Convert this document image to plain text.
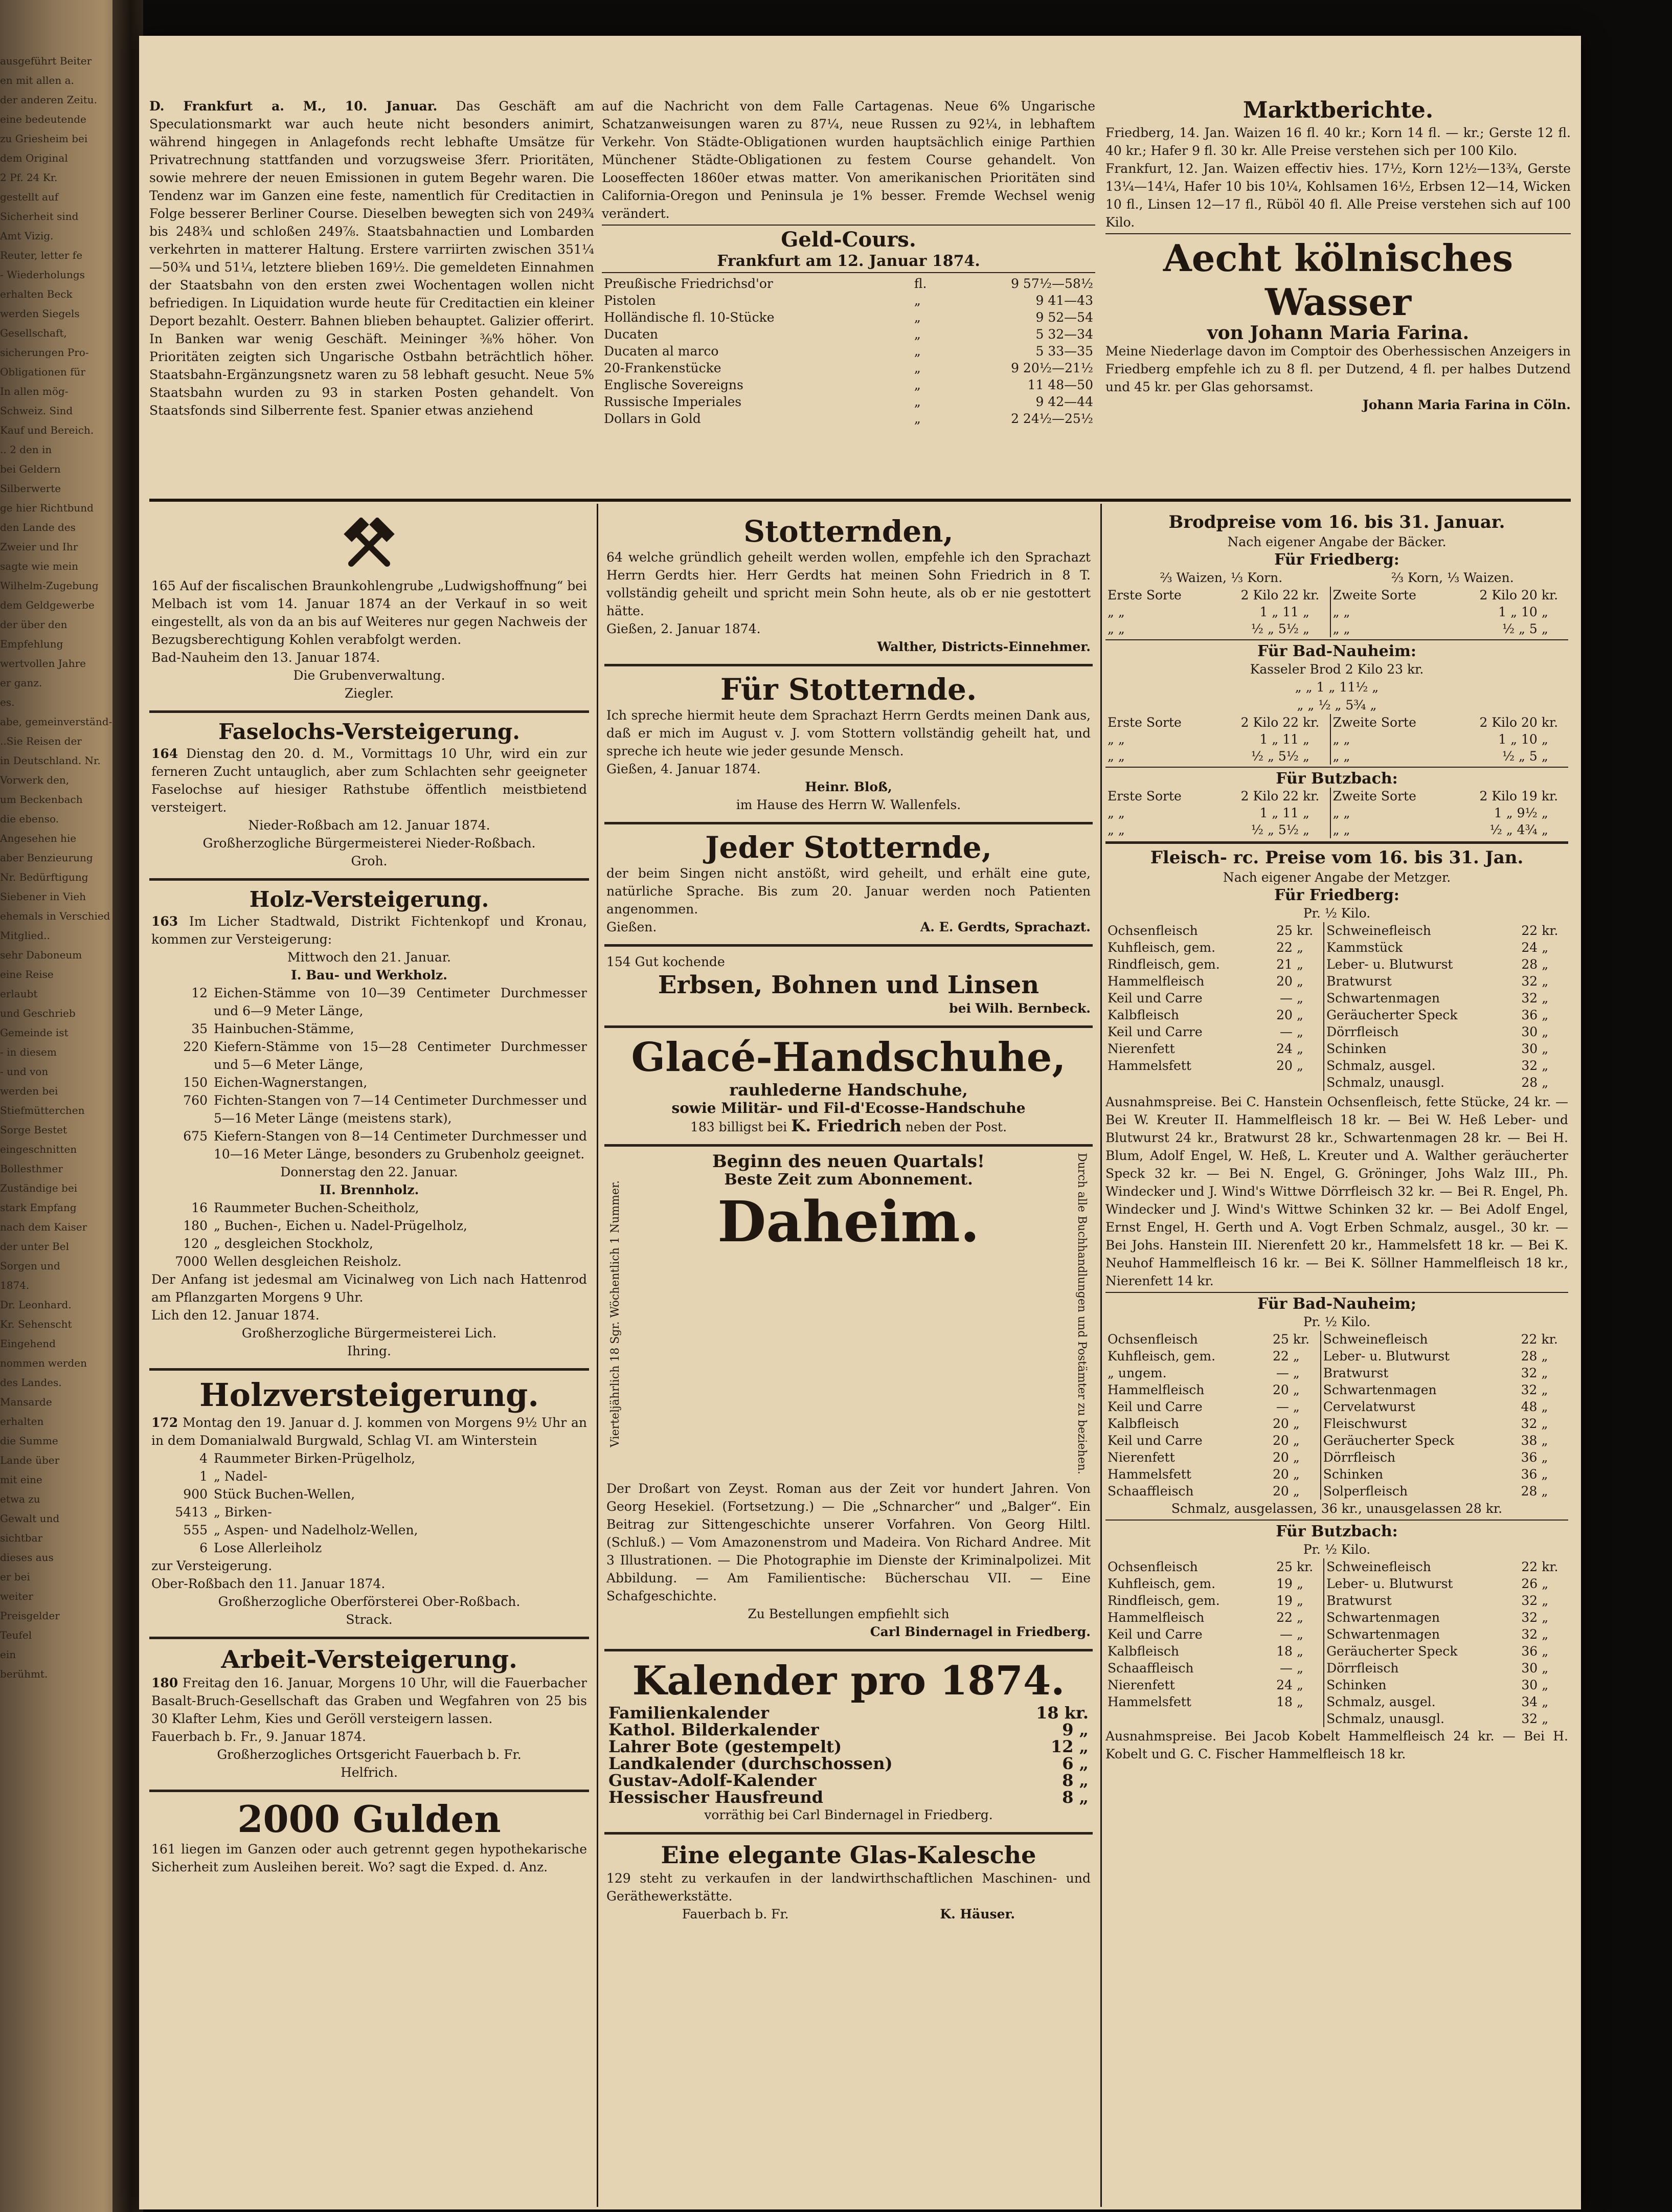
ausgeführt Beiter
en mit allen a.
der anderen Zeitu.
eine bedeutende
zu Griesheim bei
dem Original
2 Pf. 24 Kr.
gestellt auf
Sicherheit sind
Amt Vizig.
Reuter, letter fe
- Wiederholungs
erhalten Beck
werden Siegels
Gesellschaft,
sicherungen Pro-
Obligationen für
In allen mög-
Schweiz. Sind
Kauf und Bereich.
.. 2 den in
bei Geldern
Silberwerte
ge hier Richtbund
den Lande des
Zweier und Ihr
sagte wie mein
Wilhelm-Zugebung
dem Geldgewerbe
der über den
Empfehlung
wertvollen Jahre
er ganz.
es.
abe, gemeinverständ-
..Sie Reisen der
in Deutschland. Nr.
Vorwerk den,
um Beckenbach
die ebenso.
Angesehen hie
aber Benzieurung
Nr. Bedürftigung
Siebener in Vieh
ehemals in Verschied
Mitglied..
sehr Daboneum
eine Reise
erlaubt
und Geschrieb
Gemeinde ist
- in diesem
- und von
werden bei
Stiefmütterchen
Sorge Bestet
eingeschnitten
Bollesthmer
Zuständige bei
stark Empfang
nach dem Kaiser
der unter Bel
Sorgen und
1874.
Dr. Leonhard.
Kr. Sehenscht
Eingehend
nommen werden
des Landes.
Mansarde
erhalten
die Summe
Lande über
mit eine
etwa zu
Gewalt und
sichtbar
dieses aus
er bei
weiter
Preisgelder
Teufel
ein
berühmt.
D. Frankfurt a. M., 10. Januar. Das Geschäft am Speculationsmarkt war auch heute nicht besonders animirt, während hingegen in Anlagefonds recht lebhafte Umsätze für Privatrechnung stattfanden und vorzugsweise 3ferr. Prioritäten, sowie mehrere der neuen Emissionen in gutem Begehr waren. Die Tendenz war im Ganzen eine feste, namentlich für Creditactien in Folge besserer Berliner Course. Dieselben bewegten sich von 249¾ bis 248¾ und schloßen 249⅞. Staatsbahnactien und Lombarden verkehrten in matterer Haltung. Erstere varriirten zwischen 351¼—50¾ und 51¼, letztere blieben 169½. Die gemeldeten Einnahmen der Staatsbahn von den ersten zwei Wochentagen wollen nicht befriedigen. In Liquidation wurde heute für Creditactien ein kleiner Deport bezahlt. Oesterr. Bahnen blieben behauptet. Galizier offerirt. In Banken war wenig Geschäft. Meininger ⅜% höher. Von Prioritäten zeigten sich Ungarische Ostbahn beträchtlich höher. Staatsbahn-Ergänzungsnetz waren zu 58 lebhaft gesucht. Neue 5% Staatsbahn wurden zu 93 in starken Posten gehandelt. Von Staatsfonds sind Silberrente fest. Spanier etwas anziehend
auf die Nachricht von dem Falle Cartagenas. Neue 6% Ungarische Schatzanweisungen waren zu 87¼, neue Russen zu 92¼, in lebhaftem Verkehr. Von Städte-Obligationen wurden hauptsächlich einige Parthien Münchener Städte-Obligationen zu festem Course gehandelt. Von Looseffecten 1860er etwas matter. Von amerikanischen Prioritäten sind California-Oregon und Peninsula je 1% besser. Fremde Wechsel wenig verändert.
Geld-Cours.
Frankfurt am 12. Januar 1874.
Preußische Friedrichsd'or	fl.	9 57½—58½
Pistolen	„	9 41—43
Holländische fl. 10-Stücke	„	9 52—54
Ducaten	„	5 32—34
Ducaten al marco	„	5 33—35
20-Frankenstücke	„	9 20½—21½
Englische Sovereigns	„	11 48—50
Russische Imperiales	„	9 42—44
Dollars in Gold	„	2 24½—25½
Marktberichte.
Friedberg, 14. Jan. Waizen 16 fl. 40 kr.; Korn 14 fl. — kr.; Gerste 12 fl. 40 kr.; Hafer 9 fl. 30 kr. Alle Preise verstehen sich per 100 Kilo.
Frankfurt, 12. Jan. Waizen effectiv hies. 17½, Korn 12½—13¾, Gerste 13¼—14¼, Hafer 10 bis 10¼, Kohlsamen 16½, Erbsen 12—14, Wicken 10 fl., Linsen 12—17 fl., Rüböl 40 fl. Alle Preise verstehen sich auf 100 Kilo.
Aecht kölnisches Wasser
von Johann Maria Farina.
Meine Niederlage davon im Comptoir des Oberhessischen Anzeigers in Friedberg empfehle ich zu 8 fl. per Dutzend, 4 fl. per halbes Dutzend und 45 kr. per Glas gehorsamst.
Johann Maria Farina in Cöln.
165 Auf der fiscalischen Braunkohlengrube „Ludwigshoffnung“ bei Melbach ist vom 14. Januar 1874 an der Verkauf in so weit eingestellt, als von da an bis auf Weiteres nur gegen Nachweis der Bezugsberechtigung Kohlen verabfolgt werden.
Bad-Nauheim den 13. Januar 1874.
Die Grubenverwaltung.
Ziegler.
Faselochs-Versteigerung.
164 Dienstag den 20. d. M., Vormittags 10 Uhr, wird ein zur ferneren Zucht untauglich, aber zum Schlachten sehr geeigneter Faselochse auf hiesiger Rathstube öffentlich meistbietend versteigert.
Nieder-Roßbach am 12. Januar 1874.
Großherzogliche Bürgermeisterei Nieder-Roßbach.
Groh.
Holz-Versteigerung.
163 Im Licher Stadtwald, Distrikt Fichtenkopf und Kronau, kommen zur Versteigerung:
Mittwoch den 21. Januar.
I. Bau- und Werkholz.
12 Eichen-Stämme von 10—39 Centimeter Durchmesser und 6—9 Meter Länge,
35 Hainbuchen-Stämme,
220 Kiefern-Stämme von 15—28 Centimeter Durchmesser und 5—6 Meter Länge,
150 Eichen-Wagnerstangen,
760 Fichten-Stangen von 7—14 Centimeter Durchmesser und 5—16 Meter Länge (meistens stark),
675 Kiefern-Stangen von 8—14 Centimeter Durchmesser und 10—16 Meter Länge, besonders zu Grubenholz geeignet.
Donnerstag den 22. Januar.
II. Brennholz.
16 Raummeter Buchen-Scheitholz,
180 „ Buchen-, Eichen u. Nadel-Prügelholz,
120 „ desgleichen Stockholz,
7000 Wellen desgleichen Reisholz.
Der Anfang ist jedesmal am Vicinalweg von Lich nach Hattenrod am Pflanzgarten Morgens 9 Uhr.
Lich den 12. Januar 1874.
Großherzogliche Bürgermeisterei Lich.
Ihring.
Holzversteigerung.
172 Montag den 19. Januar d. J. kommen von Morgens 9½ Uhr an in dem Domanialwald Burgwald, Schlag VI. am Winterstein
4 Raummeter Birken-Prügelholz,
1 „ Nadel-
900 Stück Buchen-Wellen,
5413 „ Birken-
555 „ Aspen- und Nadelholz-Wellen,
6 Lose Allerleiholz
zur Versteigerung.
Ober-Roßbach den 11. Januar 1874.
Großherzogliche Oberförsterei Ober-Roßbach.
Strack.
Arbeit-Versteigerung.
180 Freitag den 16. Januar, Morgens 10 Uhr, will die Fauerbacher Basalt-Bruch-Gesellschaft das Graben und Wegfahren von 25 bis 30 Klafter Lehm, Kies und Geröll versteigern lassen.
Fauerbach b. Fr., 9. Januar 1874.
Großherzogliches Ortsgericht Fauerbach b. Fr.
Helfrich.
2000 Gulden
161 liegen im Ganzen oder auch getrennt gegen hypothekarische Sicherheit zum Ausleihen bereit. Wo? sagt die Exped. d. Anz.
Stotternden,
64 welche gründlich geheilt werden wollen, empfehle ich den Sprachazt Herrn Gerdts hier. Herr Gerdts hat meinen Sohn Friedrich in 8 T. vollständig geheilt und spricht mein Sohn heute, als ob er nie gestottert hätte.
Gießen, 2. Januar 1874.
Walther, Districts-Einnehmer.
Für Stotternde.
Ich spreche hiermit heute dem Sprachazt Herrn Gerdts meinen Dank aus, daß er mich im August v. J. vom Stottern vollständig geheilt hat, und spreche ich heute wie jeder gesunde Mensch.
Gießen, 4. Januar 1874.
Heinr. Bloß,
im Hause des Herrn W. Wallenfels.
Jeder Stotternde,
der beim Singen nicht anstößt, wird geheilt, und erhält eine gute, natürliche Sprache. Bis zum 20. Januar werden noch Patienten angenommen.
Gießen.	A. E. Gerdts, Sprachazt.
154 Gut kochende
Erbsen, Bohnen und Linsen
bei Wilh. Bernbeck.
Glacé-Handschuhe,
rauhlederne Handschuhe,
sowie Militär- und Fil-d'Ecosse-Handschuhe
183 billigst bei K. Friedrich neben der Post.
Vierteljährlich 18 Sgr. Wöchentlich 1 Nummer.
Beginn des neuen Quartals!
Beste Zeit zum Abonnement.
Daheim.	Durch alle Buchhandlungen und Postämter zu beziehen.
Der Droßart von Zeyst. Roman aus der Zeit vor hundert Jahren. Von Georg Hesekiel. (Fortsetzung.) — Die „Schnarcher“ und „Balger“. Ein Beitrag zur Sittengeschichte unserer Vorfahren. Von Georg Hiltl. (Schluß.) — Vom Amazonenstrom und Madeira. Von Richard Andree. Mit 3 Illustrationen. — Die Photographie im Dienste der Kriminalpolizei. Mit Abbildung. — Am Familientische: Bücherschau VII. — Eine Schafgeschichte.
Zu Bestellungen empfiehlt sich
Carl Bindernagel in Friedberg.
Kalender pro 1874.
Familienkalender	18 kr.
Kathol. Bilderkalender	9 „
Lahrer Bote (gestempelt)	12 „
Landkalender (durchschossen)	6 „
Gustav-Adolf-Kalender	8 „
Hessischer Hausfreund	8 „
vorräthig bei Carl Bindernagel in Friedberg.
Eine elegante Glas-Kalesche
129 steht zu verkaufen in der landwirthschaftlichen Maschinen- und Geräthewerkstätte.
Fauerbach b. Fr.	K. Häuser.
Brodpreise vom 16. bis 31. Januar.
Nach eigener Angabe der Bäcker.
Für Friedberg:
⅔ Waizen, ⅓ Korn.	⅔ Korn, ⅓ Waizen.
Erste Sorte	2 Kilo 22	kr.	Zweite Sorte	2 Kilo 20	kr.
„ „	1 „ 11	„	„ „	1 „ 10	„
„ „	½ „ 5½	„	„ „	½ „ 5	„
Für Bad-Nauheim:
Kasseler Brod 2 Kilo 23 kr.
„ „ 1 „ 11½ „
„ „ ½ „ 5¾ „
Erste Sorte	2 Kilo 22	kr.	Zweite Sorte	2 Kilo 20	kr.
„ „	1 „ 11	„	„ „	1 „ 10	„
„ „	½ „ 5½	„	„ „	½ „ 5	„
Für Butzbach:
Erste Sorte	2 Kilo 22	kr.	Zweite Sorte	2 Kilo 19	kr.
„ „	1 „ 11	„	„ „	1 „ 9½	„
„ „	½ „ 5½	„	„ „	½ „ 4¾	„
Fleisch- rc. Preise vom 16. bis 31. Jan.
Nach eigener Angabe der Metzger.
Für Friedberg:
Pr. ½ Kilo.
Ochsenfleisch	25	kr.	Schweinefleisch	22	kr.
Kuhfleisch, gem.	22	„	Kammstück	24	„
Rindfleisch, gem.	21	„	Leber- u. Blutwurst	28	„
Hammelfleisch	20	„	Bratwurst	32	„
Keil und Carre	—	„	Schwartenmagen	32	„
Kalbfleisch	20	„	Geräucherter Speck	36	„
Keil und Carre	—	„	Dörrfleisch	30	„
Nierenfett	24	„	Schinken	30	„
Hammelsfett	20	„	Schmalz, ausgel.	32	„
			Schmalz, unausgl.	28	„
Ausnahmspreise. Bei C. Hanstein Ochsenfleisch, fette Stücke, 24 kr. — Bei W. Kreuter II. Hammelfleisch 18 kr. — Bei W. Heß Leber- und Blutwurst 24 kr., Bratwurst 28 kr., Schwartenmagen 28 kr. — Bei H. Blum, Adolf Engel, W. Heß, L. Kreuter und A. Walther geräucherter Speck 32 kr. — Bei N. Engel, G. Gröninger, Johs Walz III., Ph. Windecker und J. Wind's Wittwe Dörrfleisch 32 kr. — Bei R. Engel, Ph. Windecker und J. Wind's Wittwe Schinken 32 kr. — Bei Adolf Engel, Ernst Engel, H. Gerth und A. Vogt Erben Schmalz, ausgel., 30 kr. — Bei Johs. Hanstein III. Nierenfett 20 kr., Hammelsfett 18 kr. — Bei K. Neuhof Hammelfleisch 16 kr. — Bei K. Söllner Hammelfleisch 18 kr., Nierenfett 14 kr.
Für Bad-Nauheim;
Pr. ½ Kilo.
Ochsenfleisch	25	kr.	Schweinefleisch	22	kr.
Kuhfleisch, gem.	22	„	Leber- u. Blutwurst	28	„
„ ungem.	—	„	Bratwurst	32	„
Hammelfleisch	20	„	Schwartenmagen	32	„
Keil und Carre	—	„	Cervelatwurst	48	„
Kalbfleisch	20	„	Fleischwurst	32	„
Keil und Carre	20	„	Geräucherter Speck	38	„
Nierenfett	20	„	Dörrfleisch	36	„
Hammelsfett	20	„	Schinken	36	„
Schaaffleisch	20	„	Solperfleisch	28	„
Schmalz, ausgelassen, 36 kr., unausgelassen 28 kr.
Für Butzbach:
Pr. ½ Kilo.
Ochsenfleisch	25	kr.	Schweinefleisch	22	kr.
Kuhfleisch, gem.	19	„	Leber- u. Blutwurst	26	„
Rindfleisch, gem.	19	„	Bratwurst	32	„
Hammelfleisch	22	„	Schwartenmagen	32	„
Keil und Carre	—	„	Schwartenmagen	32	„
Kalbfleisch	18	„	Geräucherter Speck	36	„
Schaaffleisch	—	„	Dörrfleisch	30	„
Nierenfett	24	„	Schinken	30	„
Hammelsfett	18	„	Schmalz, ausgel.	34	„
			Schmalz, unausgl.	32	„
Ausnahmspreise. Bei Jacob Kobelt Hammelfleisch 24 kr. — Bei H. Kobelt und G. C. Fischer Hammelfleisch 18 kr.
